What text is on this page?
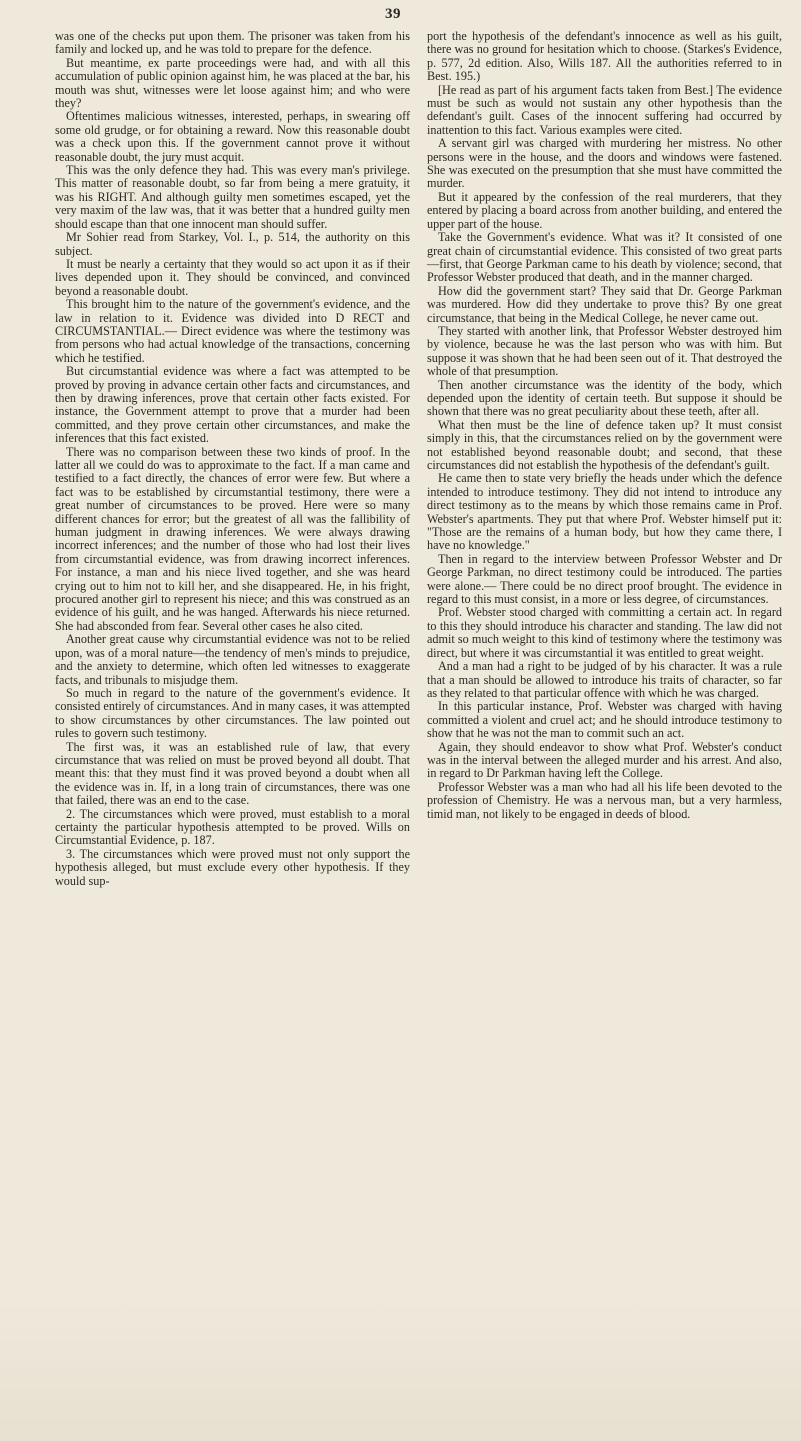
39

was one of the checks put upon them. The prisoner was taken from his family and locked up, and he was told to prepare for the defence.

But meantime, ex parte proceedings were had, and with all this accumulation of public opinion against him, he was placed at the bar, his mouth was shut, witnesses were let loose against him; and who were they?

Oftentimes malicious witnesses, interested, perhaps, in swearing off some old grudge, or for obtaining a reward. Now this reasonable doubt was a check upon this. If the government cannot prove it without reasonable doubt, the jury must acquit.

This was the only defence they had. This was every man's privilege. This matter of reasonable doubt, so far from being a mere gratuity, it was his RIGHT. And although guilty men sometimes escaped, yet the very maxim of the law was, that it was better that a hundred guilty men should escape than that one innocent man should suffer.

Mr Sohier read from Starkey, Vol. I., p. 514, the authority on this subject.

It must be nearly a certainty that they would so act upon it as if their lives depended upon it. They should be convinced, and convinced beyond a reasonable doubt.

This brought him to the nature of the government's evidence, and the law in relation to it. Evidence was divided into D RECT and CIRCUMSTANTIAL.— Direct evidence was where the testimony was from persons who had actual knowledge of the transactions, concerning which he testified.

But circumstantial evidence was where a fact was attempted to be proved by proving in advance certain other facts and circumstances, and then by drawing inferences, prove that certain other facts existed. For instance, the Government attempt to prove that a murder had been committed, and they prove certain other circumstances, and make the inferences that this fact existed.

There was no comparison between these two kinds of proof. In the latter all we could do was to approximate to the fact. If a man came and testified to a fact directly, the chances of error were few. But where a fact was to be established by circumstantial testimony, there were a great number of circumstances to be proved. Here were so many different chances for error; but the greatest of all was the fallibility of human judgment in drawing inferences. We were always drawing incorrect inferences; and the number of those who had lost their lives from circumstantial evidence, was from drawing incorrect inferences. For instance, a man and his niece lived together, and she was heard crying out to him not to kill her, and she disappeared. He, in his fright, procured another girl to represent his niece; and this was construed as an evidence of his guilt, and he was hanged. Afterwards his niece returned. She had absconded from fear. Several other cases he also cited.

Another great cause why circumstantial evidence was not to be relied upon, was of a moral nature—the tendency of men's minds to prejudice, and the anxiety to determine, which often led witnesses to exaggerate facts, and tribunals to misjudge them.

So much in regard to the nature of the government's evidence. It consisted entirely of circumstances. And in many cases, it was attempted to show circumstances by other circumstances. The law pointed out rules to govern such testimony.

The first was, it was an established rule of law, that every circumstance that was relied on must be proved beyond all doubt. That meant this: that they must find it was proved beyond a doubt when all the evidence was in. If, in a long train of circumstances, there was one that failed, there was an end to the case.

2. The circumstances which were proved, must establish to a moral certainty the particular hypothesis attempted to be proved. Wills on Circumstantial Evidence, p. 187.

3. The circumstances which were proved must not only support the hypothesis alleged, but must exclude every other hypothesis. If they would sup-

port the hypothesis of the defendant's innocence as well as his guilt, there was no ground for hesitation which to choose. (Starkes's Evidence, p. 577, 2d edition. Also, Wills 187. All the authorities referred to in Best. 195.)

[He read as part of his argument facts taken from Best.] The evidence must be such as would not sustain any other hypothesis than the defendant's guilt. Cases of the innocent suffering had occurred by inattention to this fact. Various examples were cited.

A servant girl was charged with murdering her mistress. No other persons were in the house, and the doors and windows were fastened. She was executed on the presumption that she must have committed the murder.

But it appeared by the confession of the real murderers, that they entered by placing a board across from another building, and entered the upper part of the house.

Take the Government's evidence. What was it? It consisted of one great chain of circumstantial evidence. This consisted of two great parts—first, that George Parkman came to his death by violence; second, that Professor Webster produced that death, and in the manner charged.

How did the government start? They said that Dr. George Parkman was murdered. How did they undertake to prove this? By one great circumstance, that being in the Medical College, he never came out.

They started with another link, that Professor Webster destroyed him by violence, because he was the last person who was with him. But suppose it was shown that he had been seen out of it. That destroyed the whole of that presumption.

Then another circumstance was the identity of the body, which depended upon the identity of certain teeth. But suppose it should be shown that there was no great peculiarity about these teeth, after all.

What then must be the line of defence taken up? It must consist simply in this, that the circumstances relied on by the government were not established beyond reasonable doubt; and second, that these circumstances did not establish the hypothesis of the defendant's guilt.

He came then to state very briefly the heads under which the defence intended to introduce testimony. They did not intend to introduce any direct testimony as to the means by which those remains came in Prof. Webster's apartments. They put that where Prof. Webster himself put it: "Those are the remains of a human body, but how they came there, I have no knowledge."

Then in regard to the interview between Professor Webster and Dr George Parkman, no direct testimony could be introduced. The parties were alone.— There could be no direct proof brought. The evidence in regard to this must consist, in a more or less degree, of circumstances.

Prof. Webster stood charged with committing a certain act. In regard to this they should introduce his character and standing. The law did not admit so much weight to this kind of testimony where the testimony was direct, but where it was circumstantial it was entitled to great weight.

And a man had a right to be judged of by his character. It was a rule that a man should be allowed to introduce his traits of character, so far as they related to that particular offence with which he was charged.

In this particular instance, Prof. Webster was charged with having committed a violent and cruel act; and he should introduce testimony to show that he was not the man to commit such an act.

Again, they should endeavor to show what Prof. Webster's conduct was in the interval between the alleged murder and his arrest. And also, in regard to Dr Parkman having left the College.

Professor Webster was a man who had all his life been devoted to the profession of Chemistry. He was a nervous man, but a very harmless, timid man, not likely to be engaged in deeds of blood.
